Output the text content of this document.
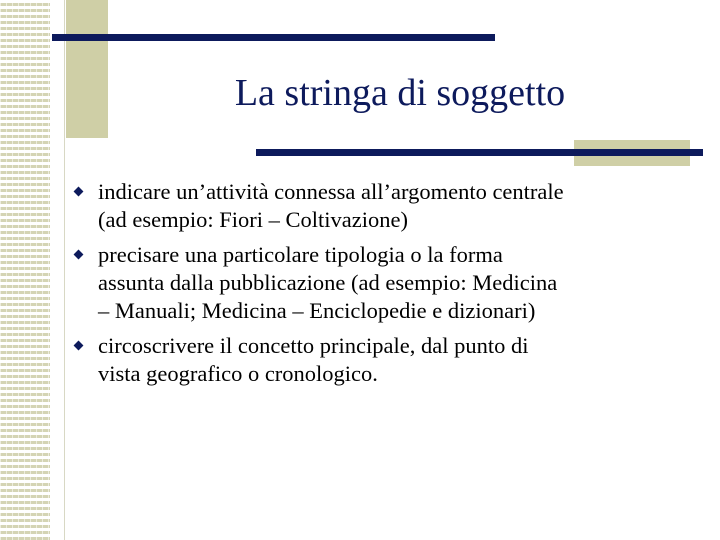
La stringa di soggetto
indicare un’attività connessa all’argomento centrale
(ad esempio: Fiori – Coltivazione)
precisare una particolare tipologia o la forma
assunta dalla pubblicazione (ad esempio: Medicina
– Manuali; Medicina – Enciclopedie e dizionari)
circoscrivere il concetto principale, dal punto di
vista geografico o cronologico.
